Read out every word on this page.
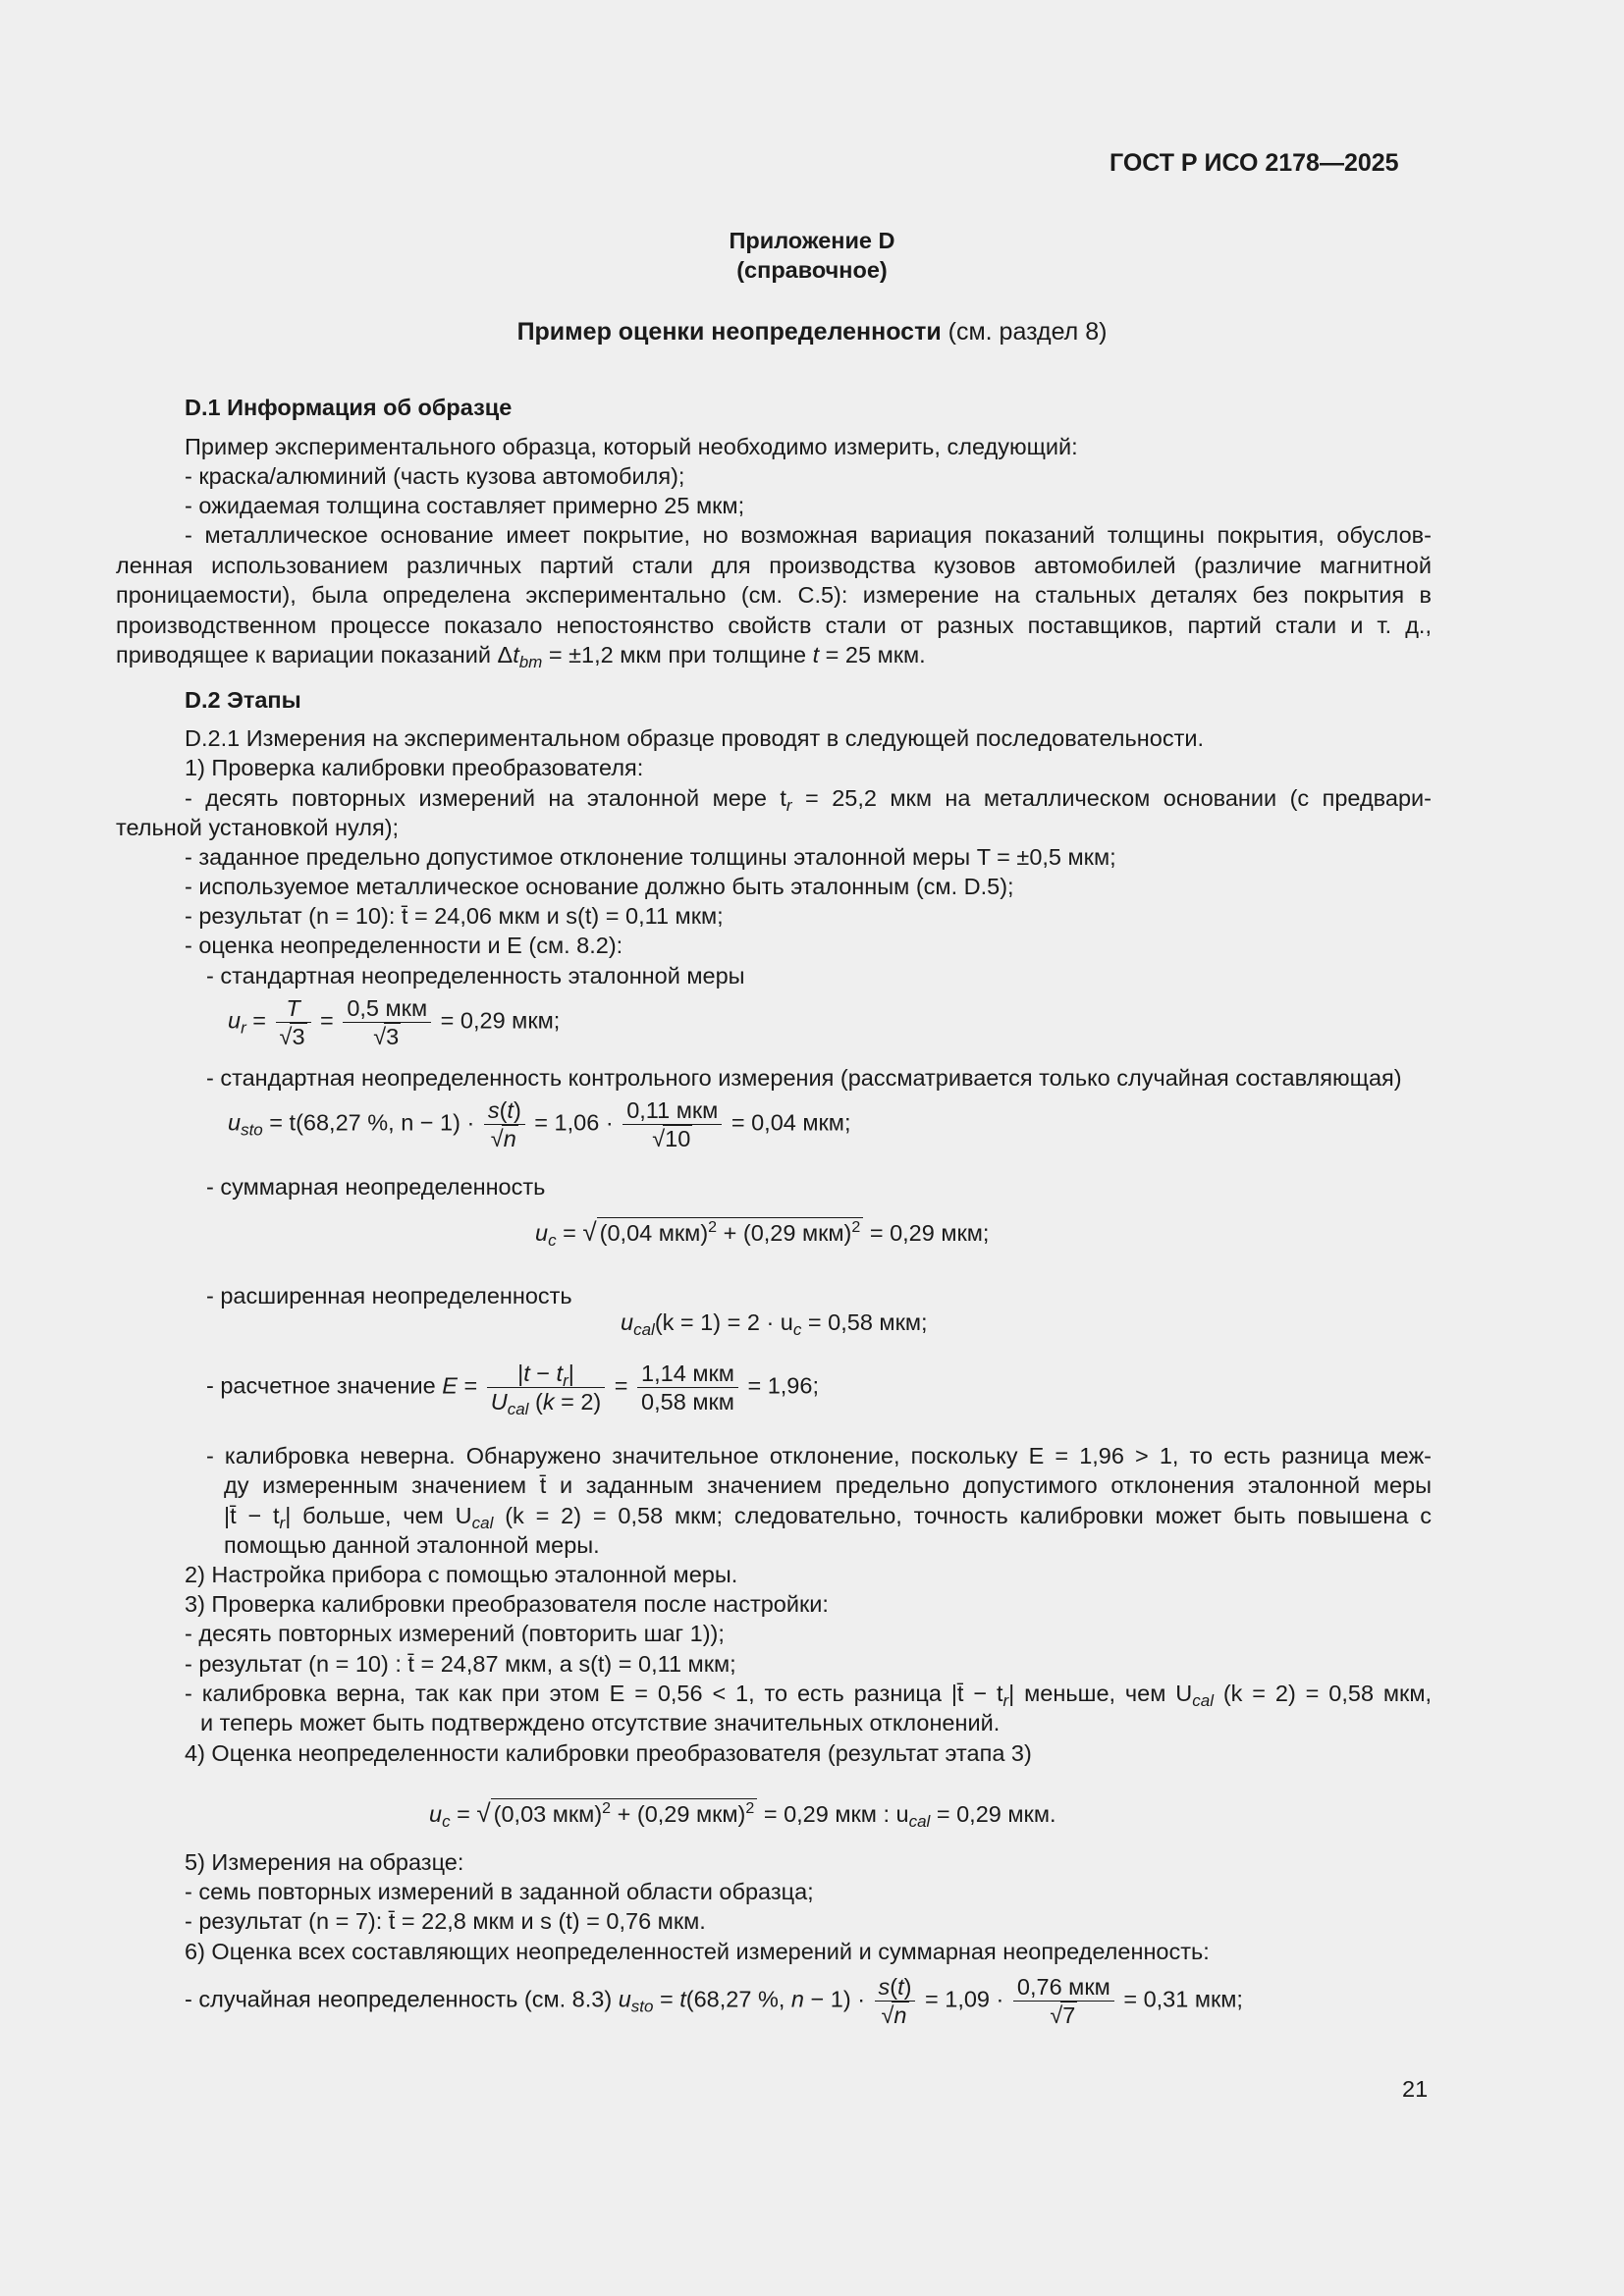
ГОСТ Р ИСО 2178—2025
Приложение D
(справочное)
Пример оценки неопределенности (см. раздел 8)
D.1 Информация об образце
Пример экспериментального образца, который необходимо измерить, следующий:
- краска/алюминий (часть кузова автомобиля);
- ожидаемая толщина составляет примерно 25 мкм;
- металлическое основание имеет покрытие, но возможная вариация показаний толщины покрытия, обуслов-
ленная использованием различных партий стали для производства кузовов автомобилей (различие магнитной
проницаемости), была определена экспериментально (см. С.5): измерение на стальных деталях без покрытия в
производственном процессе показало непостоянство свойств стали от разных поставщиков, партий стали и т. д.,
приводящее к вариации показаний $\Delta t_{bm} = \pm 1,2$ мкм при толщине t = 25 мкм.
D.2 Этапы
D.2.1 Измерения на экспериментальном образце проводят в следующей последовательности.
1) Проверка калибровки преобразователя:
- десять повторных измерений на эталонной мере $t_r = 25,2$ мкм на металлическом основании (с предвари-
тельной установкой нуля);
- заданное предельно допустимое отклонение толщины эталонной меры T = ±0,5 мкм;
- используемое металлическое основание должно быть эталонным (см. D.5);
- результат (n = 10): t̄ = 24,06 мкм и s(t) = 0,11 мкм;
- оценка неопределенности и E (см. 8.2):
- стандартная неопределенность эталонной меры
$u_r = \frac{T}{√3} = \frac{\text{0,5 мкм}}{√3} = 0,29$ мкм;
- стандартная неопределенность контрольного измерения (рассматривается только случайная составляющая)
$u_{sto} = t(68,27$ %, $n - 1) \cdot \frac{s(t)}{√n} = 1,06 \cdot \frac{\text{0,11 мкм}}{√10} = 0,04$ мкм;
- суммарная неопределенность
$u_c$ = √ (0,04 мкм)$^2$ + (0,29 мкм)$^2$ = 0,29 мкм;
- расширенная неопределенность
$u_{cal}(k = 1) = 2 \cdot u_c = 0,58$ мкм;
- расчетное значение $E = \frac{|t - t_r|}{U_{cal} (k = 2)} = \frac{\text{1,14 мкм}}{\text{0,58 мкм}} = 1,96$;
- калибровка неверна. Обнаружено значительное отклонение, поскольку E = 1,96 > 1, то есть разница меж-
ду измеренным значением t̄ и заданным значением предельно допустимого отклонения эталонной меры
|t̄ − $t_r|$ больше, чем $U_{cal}$ (k = 2) = 0,58 мкм; следовательно, точность калибровки может быть повышена с
помощью данной эталонной меры.
2) Настройка прибора с помощью эталонной меры.
3) Проверка калибровки преобразователя после настройки:
- десять повторных измерений (повторить шаг 1));
- результат (n = 10) : t̄ = 24,87 мкм, а s(t) = 0,11 мкм;
- калибровка верна, так как при этом E = 0,56 < 1, то есть разница |t̄ − $t_r|$ меньше, чем $U_{cal}$ (k = 2) = 0,58 мкм,
и теперь может быть подтверждено отсутствие значительных отклонений.
4) Оценка неопределенности калибровки преобразователя (результат этапа 3)
$u_c$ = √ (0,03 мкм)$^2$ + (0,29 мкм)$^2$ = 0,29 мкм : $u_{cal} = 0,29$ мкм.
5) Измерения на образце:
- семь повторных измерений в заданной области образца;
- результат (n = 7): t̄ = 22,8 мкм и s (t) = 0,76 мкм.
6) Оценка всех составляющих неопределенностей измерений и суммарная неопределенность:
- случайная неопределенность (см. 8.3) $u_{sto} = t(68,27$ %, $n - 1) \cdot \frac{s(t)}{√n} = 1,09 \cdot \frac{\text{0,76 мкм}}{√7} = 0,31$ мкм;
21
